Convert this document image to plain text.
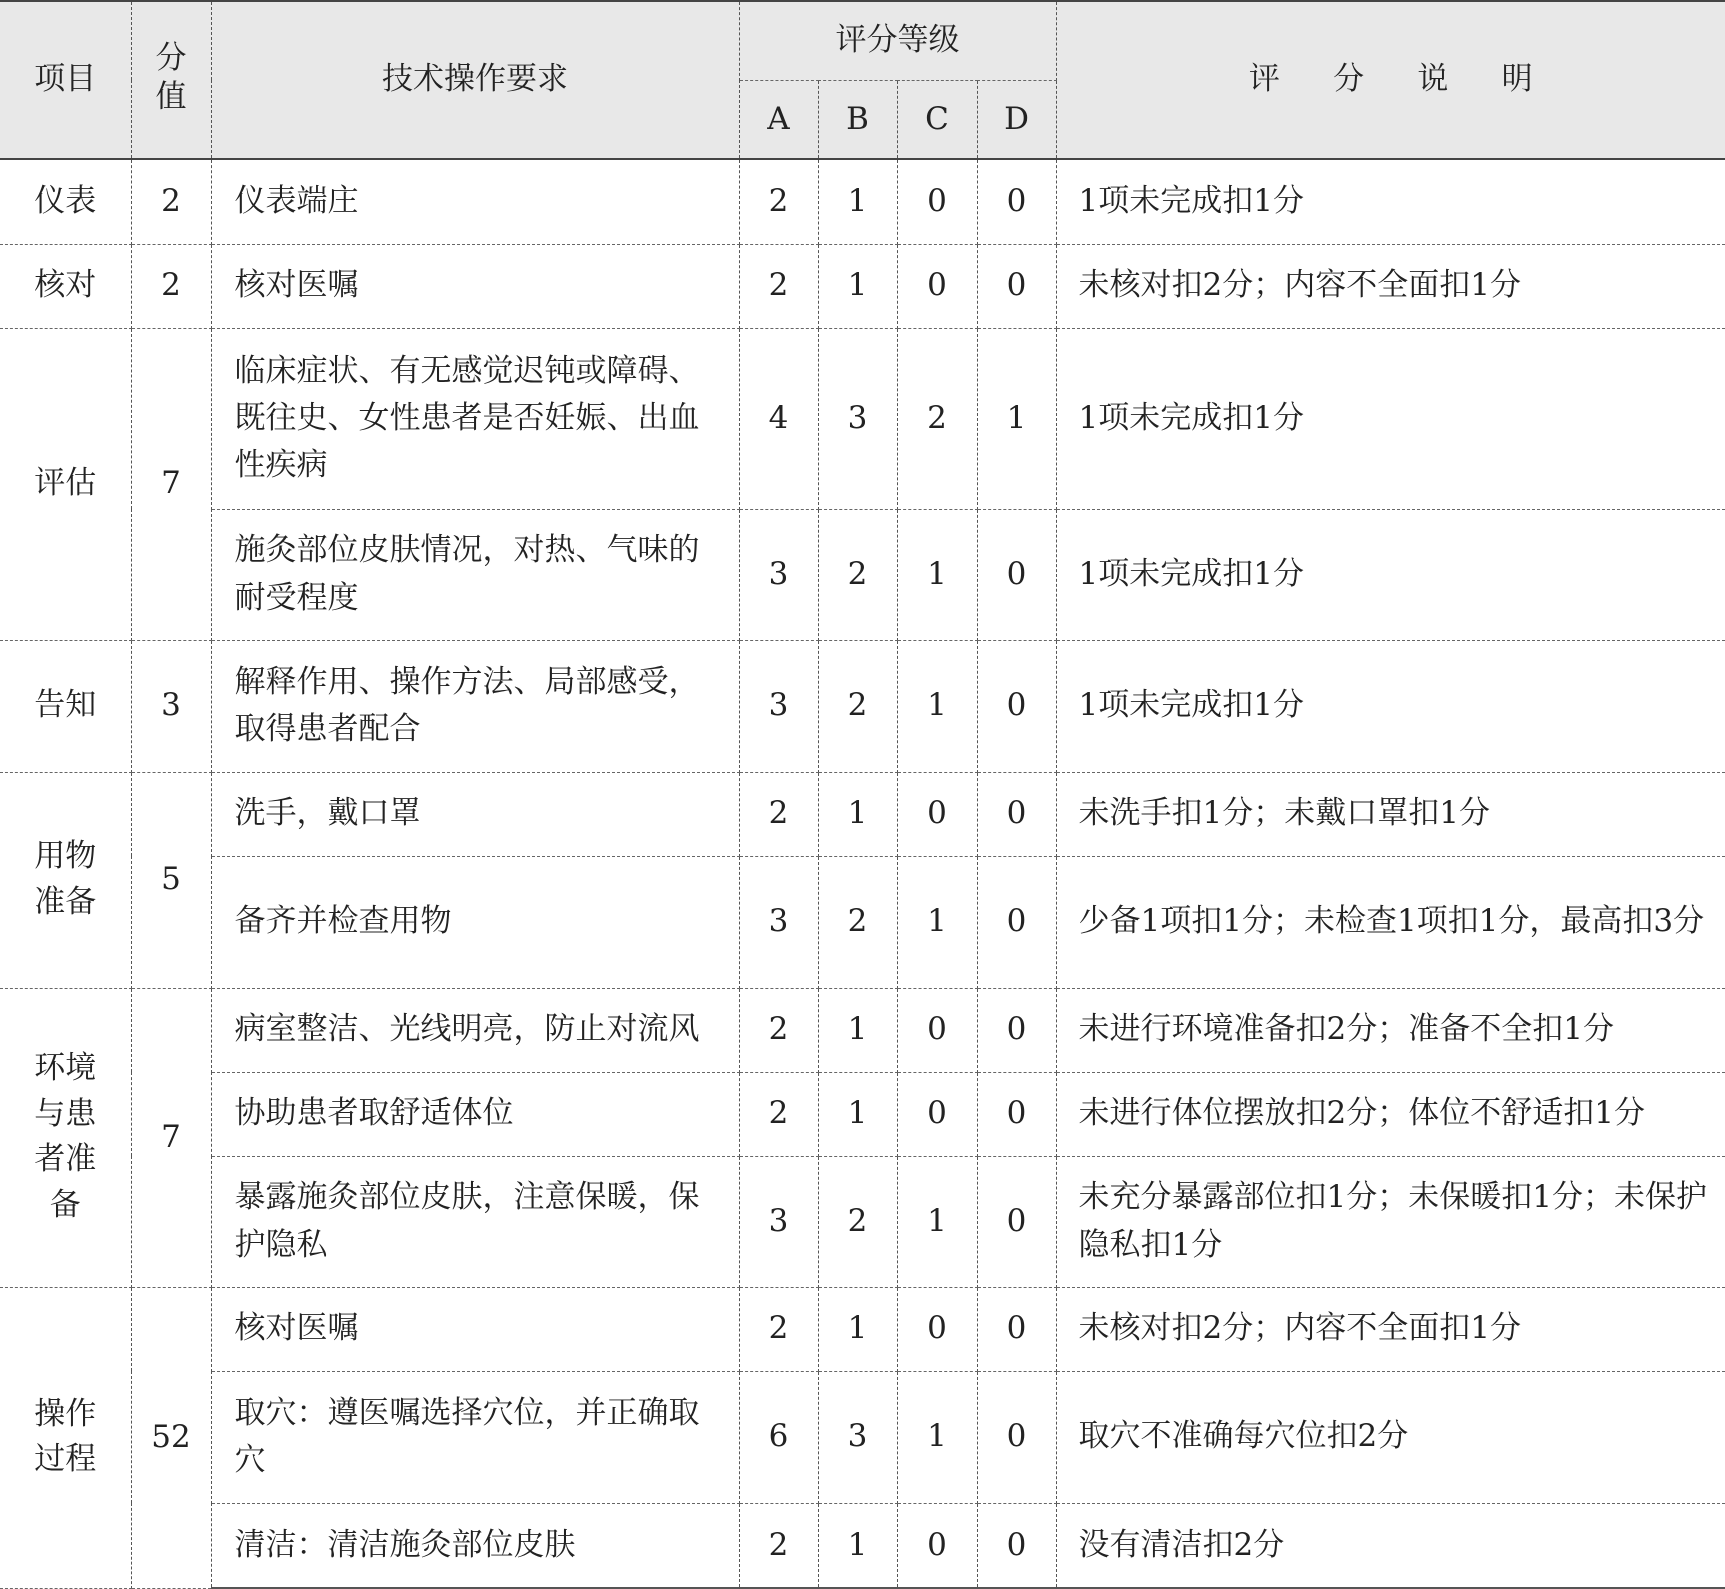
项目	分值	技术操作要求	评分等级				评 分 说 明
			A	B	C	D	
仪表	2	仪表端庄	2	1	0	0	1项未完成扣1分
核对	2	核对医嘱	2	1	0	0	未核对扣2分；内容不全面扣1分
评估	7	临床症状、有无感觉迟钝或障碍、既往史、女性患者是否妊娠、出血性疾病	4	3	2	1	1项未完成扣1分
		施灸部位皮肤情况，对热、气味的耐受程度	3	2	1	0	1项未完成扣1分
告知	3	解释作用、操作方法、局部感受，取得患者配合	3	2	1	0	1项未完成扣1分
用物准备	5	洗手，戴口罩	2	1	0	0	未洗手扣1分；未戴口罩扣1分
		备齐并检查用物	3	2	1	0	少备1项扣1分；未检查1项扣1分，最高扣3分
环境与患者准备	7	病室整洁、光线明亮，防止对流风	2	1	0	0	未进行环境准备扣2分；准备不全扣1分
		协助患者取舒适体位	2	1	0	0	未进行体位摆放扣2分；体位不舒适扣1分
		暴露施灸部位皮肤，注意保暖，保护隐私	3	2	1	0	未充分暴露部位扣1分；未保暖扣1分；未保护隐私扣1分
操作过程	52	核对医嘱	2	1	0	0	未核对扣2分；内容不全面扣1分
		取穴：遵医嘱选择穴位，并正确取穴	6	3	1	0	取穴不准确每穴位扣2分
		清洁：清洁施灸部位皮肤	2	1	0	0	没有清洁扣2分
